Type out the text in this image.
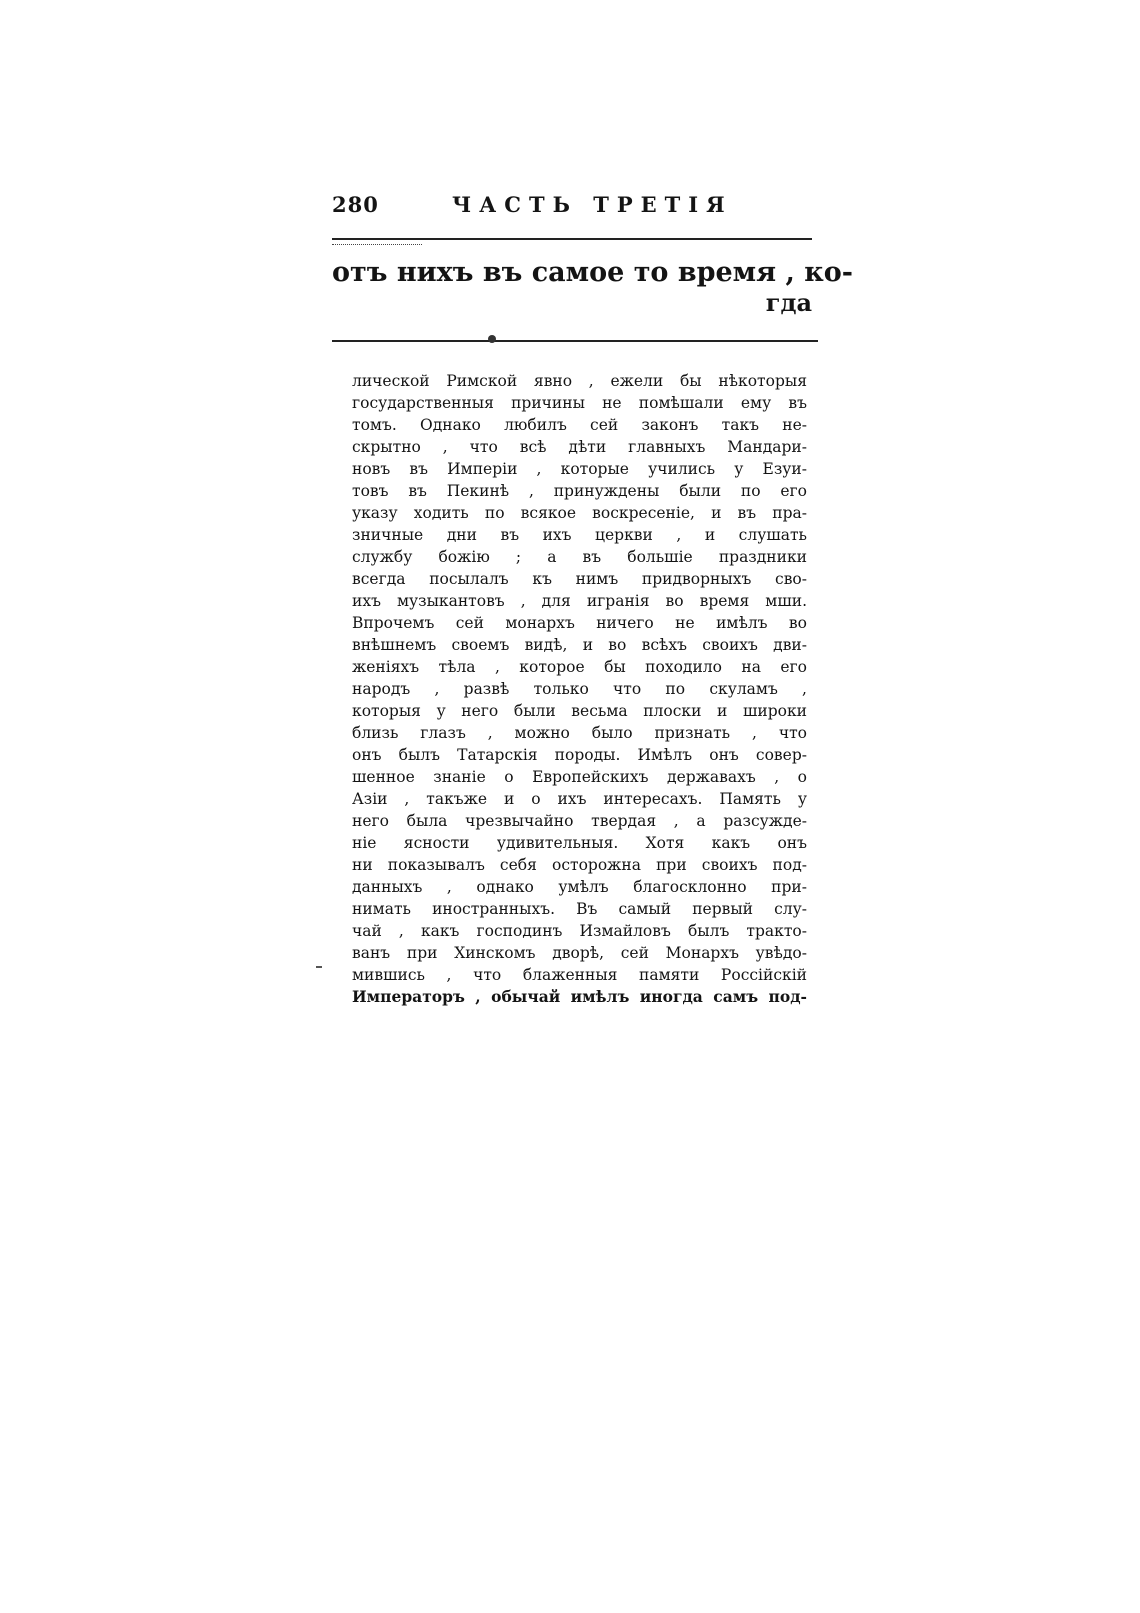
280	ЧАСТЬ ТРЕТІЯ
отъ нихъ въ самое то время , ко-
гда
лической Римской явно , ежели бы нѣкоторыя
государственныя причины не помѣшали ему въ
томъ. Однако любилъ сей законъ такъ не-
скрытно , что всѣ дѣти главныхъ Мандари-
новъ въ Имперіи , которые учились у Езуи-
товъ въ Пекинѣ , принуждены были по его
указу ходить по всякое воскресеніе, и въ пра-
зничные дни въ ихъ церкви , и слушать
службу божію ; а въ большіе праздники
всегда посылалъ къ нимъ придворныхъ сво-
ихъ музыкантовъ , для игранія во время мши.
Впрочемъ сей монархъ ничего не имѣлъ во
внѣшнемъ своемъ видѣ, и во всѣхъ своихъ дви-
женіяхъ тѣла , которое бы походило на его
народъ , развѣ только что по скуламъ ,
которыя у него были весьма плоски и широки
близь глазъ , можно было признать , что
онъ былъ Татарскія породы. Имѣлъ онъ совер-
шенное знаніе о Европейскихъ державахъ , о
Азіи , такъже и о ихъ интересахъ. Память у
него была чрезвычайно твердая , а разсужде-
ніе ясности удивительныя. Хотя какъ онъ
ни показывалъ себя осторожна при своихъ под-
данныхъ , однако умѣлъ благосклонно при-
нимать иностранныхъ. Въ самый первый слу-
чай , какъ господинъ Измайловъ былъ тракто-
ванъ при Хинскомъ дворѣ, сей Монархъ увѣдо-
мившись , что блаженныя памяти Россійскій
Императоръ , обычай имѣлъ иногда самъ под-
